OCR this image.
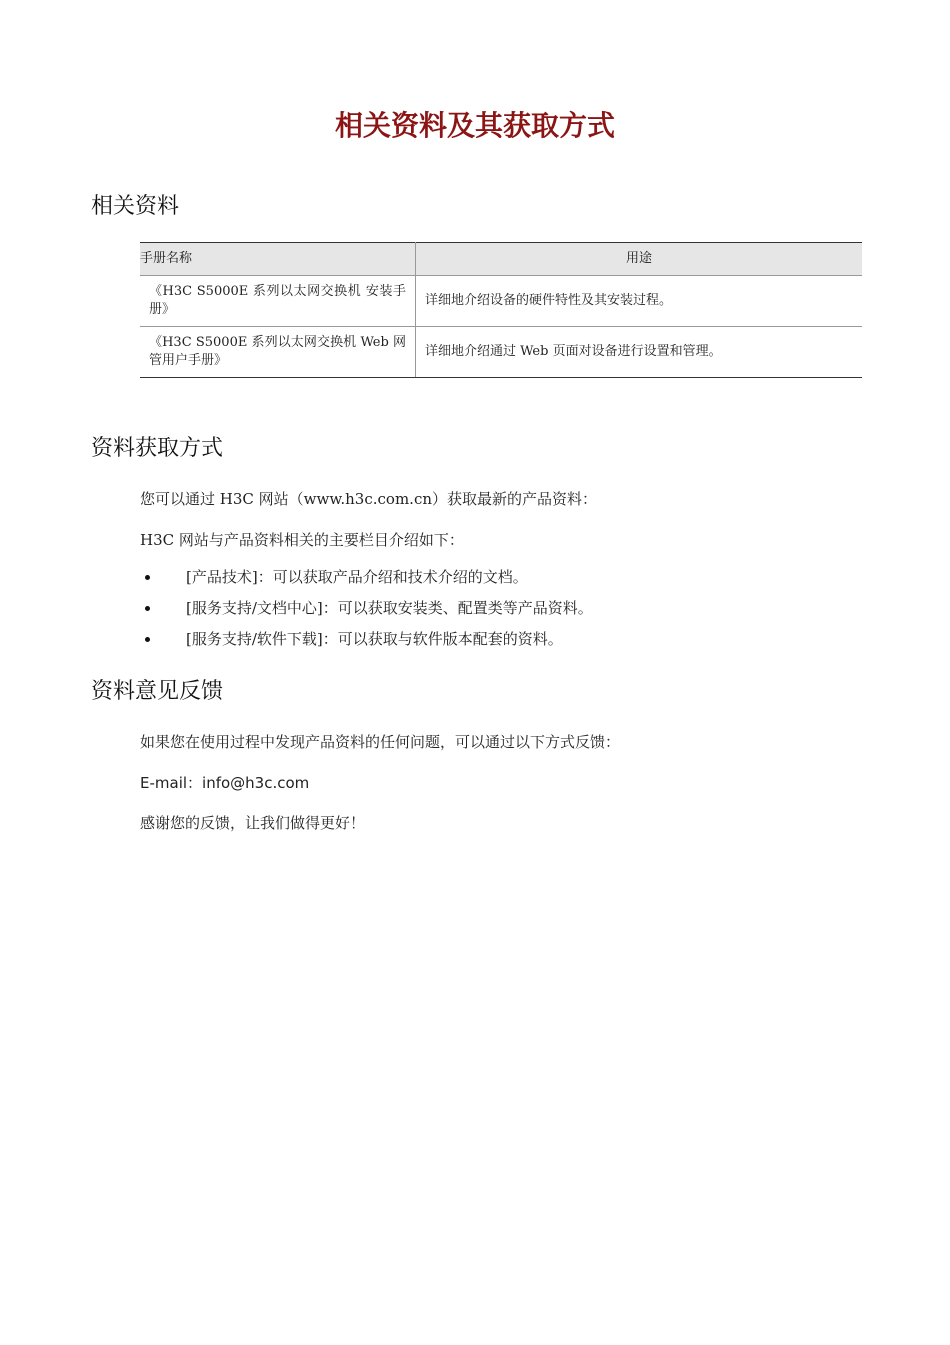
相关资料及其获取方式
相关资料
手册名称	用途
《H3C S5000E 系列以太网交换机 安装手册》	详细地介绍设备的硬件特性及其安装过程。
《H3C S5000E 系列以太网交换机 Web 网管用户手册》	详细地介绍通过 Web 页面对设备进行设置和管理。
资料获取方式

您可以通过 H3C 网站（www.h3c.com.cn）获取最新的产品资料：

H3C 网站与产品资料相关的主要栏目介绍如下：

[产品技术]：可以获取产品介绍和技术介绍的文档。
[服务支持/文档中心]：可以获取安装类、配置类等产品资料。
[服务支持/软件下载]：可以获取与软件版本配套的资料。
资料意见反馈

如果您在使用过程中发现产品资料的任何问题，可以通过以下方式反馈：

E-mail：info@h3c.com

感谢您的反馈，让我们做得更好！
